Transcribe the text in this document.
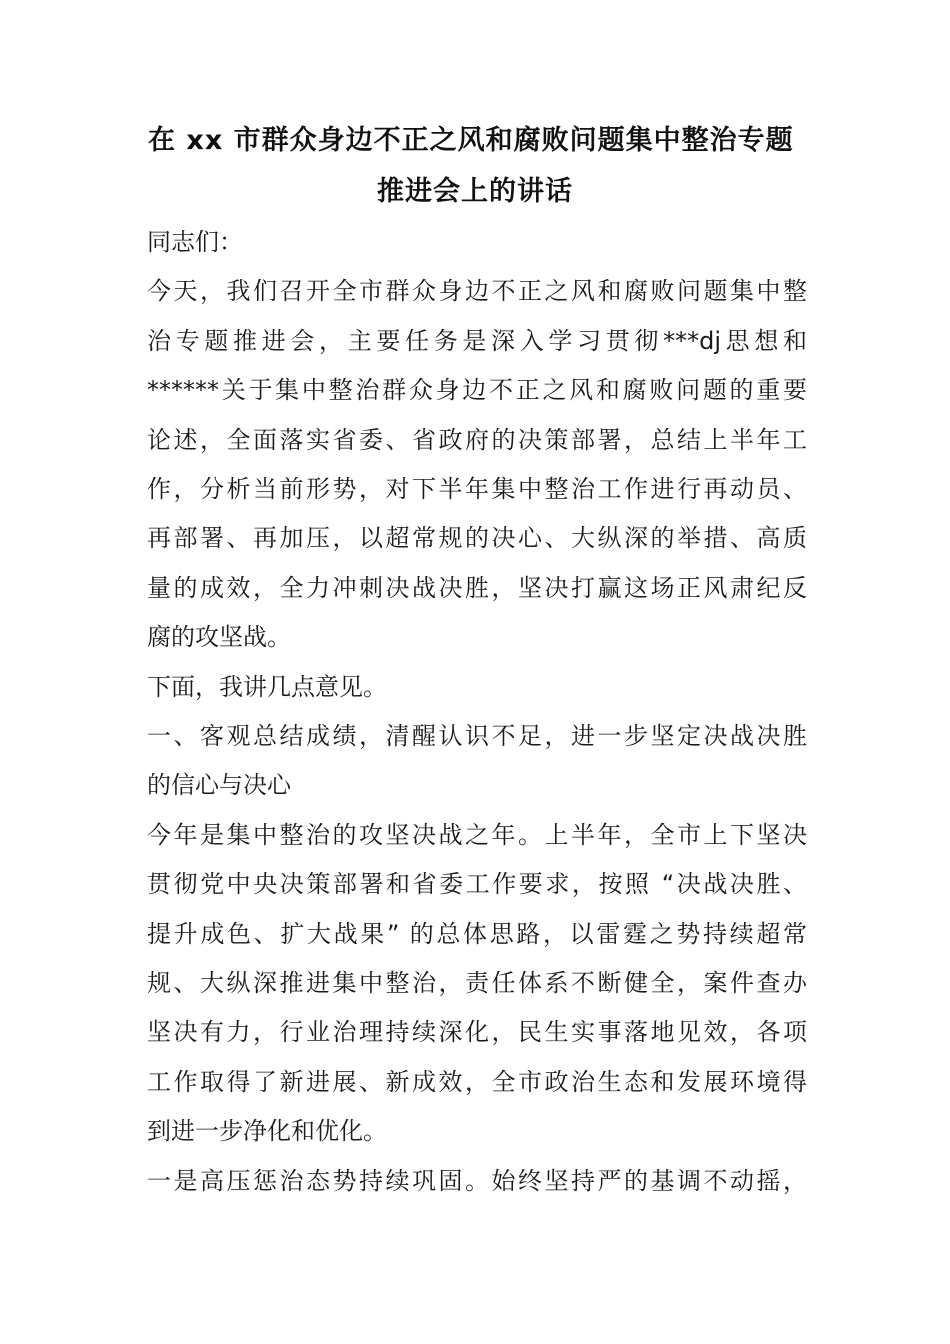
在 xx 市群众身边不正之风和腐败问题集中整治专题
推进会上的讲话
同志们：
今天，我们召开全市群众身边不正之风和腐败问题集中整
治专题推进会，主要任务是深入学习贯彻***dj思想和
******关于集中整治群众身边不正之风和腐败问题的重要
论述，全面落实省委、省政府的决策部署，总结上半年工
作，分析当前形势，对下半年集中整治工作进行再动员、
再部署、再加压，以超常规的决心、大纵深的举措、高质
量的成效，全力冲刺决战决胜，坚决打赢这场正风肃纪反
腐的攻坚战。
下面，我讲几点意见。
一、客观总结成绩，清醒认识不足，进一步坚定决战决胜
的信心与决心
今年是集中整治的攻坚决战之年。上半年，全市上下坚决
贯彻党中央决策部署和省委工作要求，按照 “决战决胜、
提升成色、扩大战果” 的总体思路，以雷霆之势持续超常
规、大纵深推进集中整治，责任体系不断健全，案件查办
坚决有力，行业治理持续深化，民生实事落地见效，各项
工作取得了新进展、新成效，全市政治生态和发展环境得
到进一步净化和优化。
一是高压惩治态势持续巩固。始终坚持严的基调不动摇，
